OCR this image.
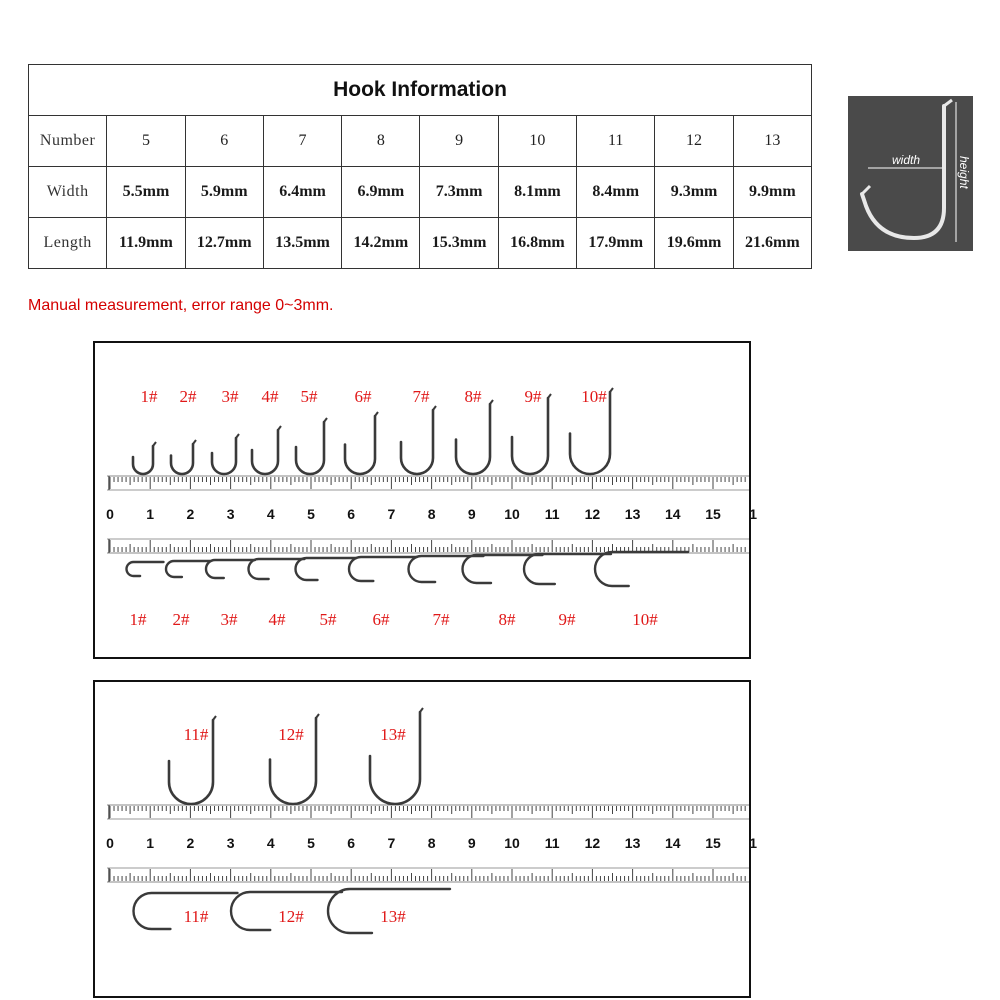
Hook Information									
Number	5	6	7	8	9	10	11	12	13
Width	5.5mm	5.9mm	6.4mm	6.9mm	7.3mm	8.1mm	8.4mm	9.3mm	9.9mm
Length	11.9mm	12.7mm	13.5mm	14.2mm	15.3mm	16.8mm	17.9mm	19.6mm	21.6mm
width	height
Manual measurement, error range 0~3mm.
0 1 2 3 4 5 6 7 8 9 10 11 12 13 14 15 1
1# 2# 3# 4# 5# 6# 7# 8#	9# 10#
1# 2# 3# 4# 5# 6#	7#	8#	9#	10#
0 1 2 3 4 5 6 7 8 9 10 11 12 13 14 15 1
11#	12#	13#
11#	12#	13#
